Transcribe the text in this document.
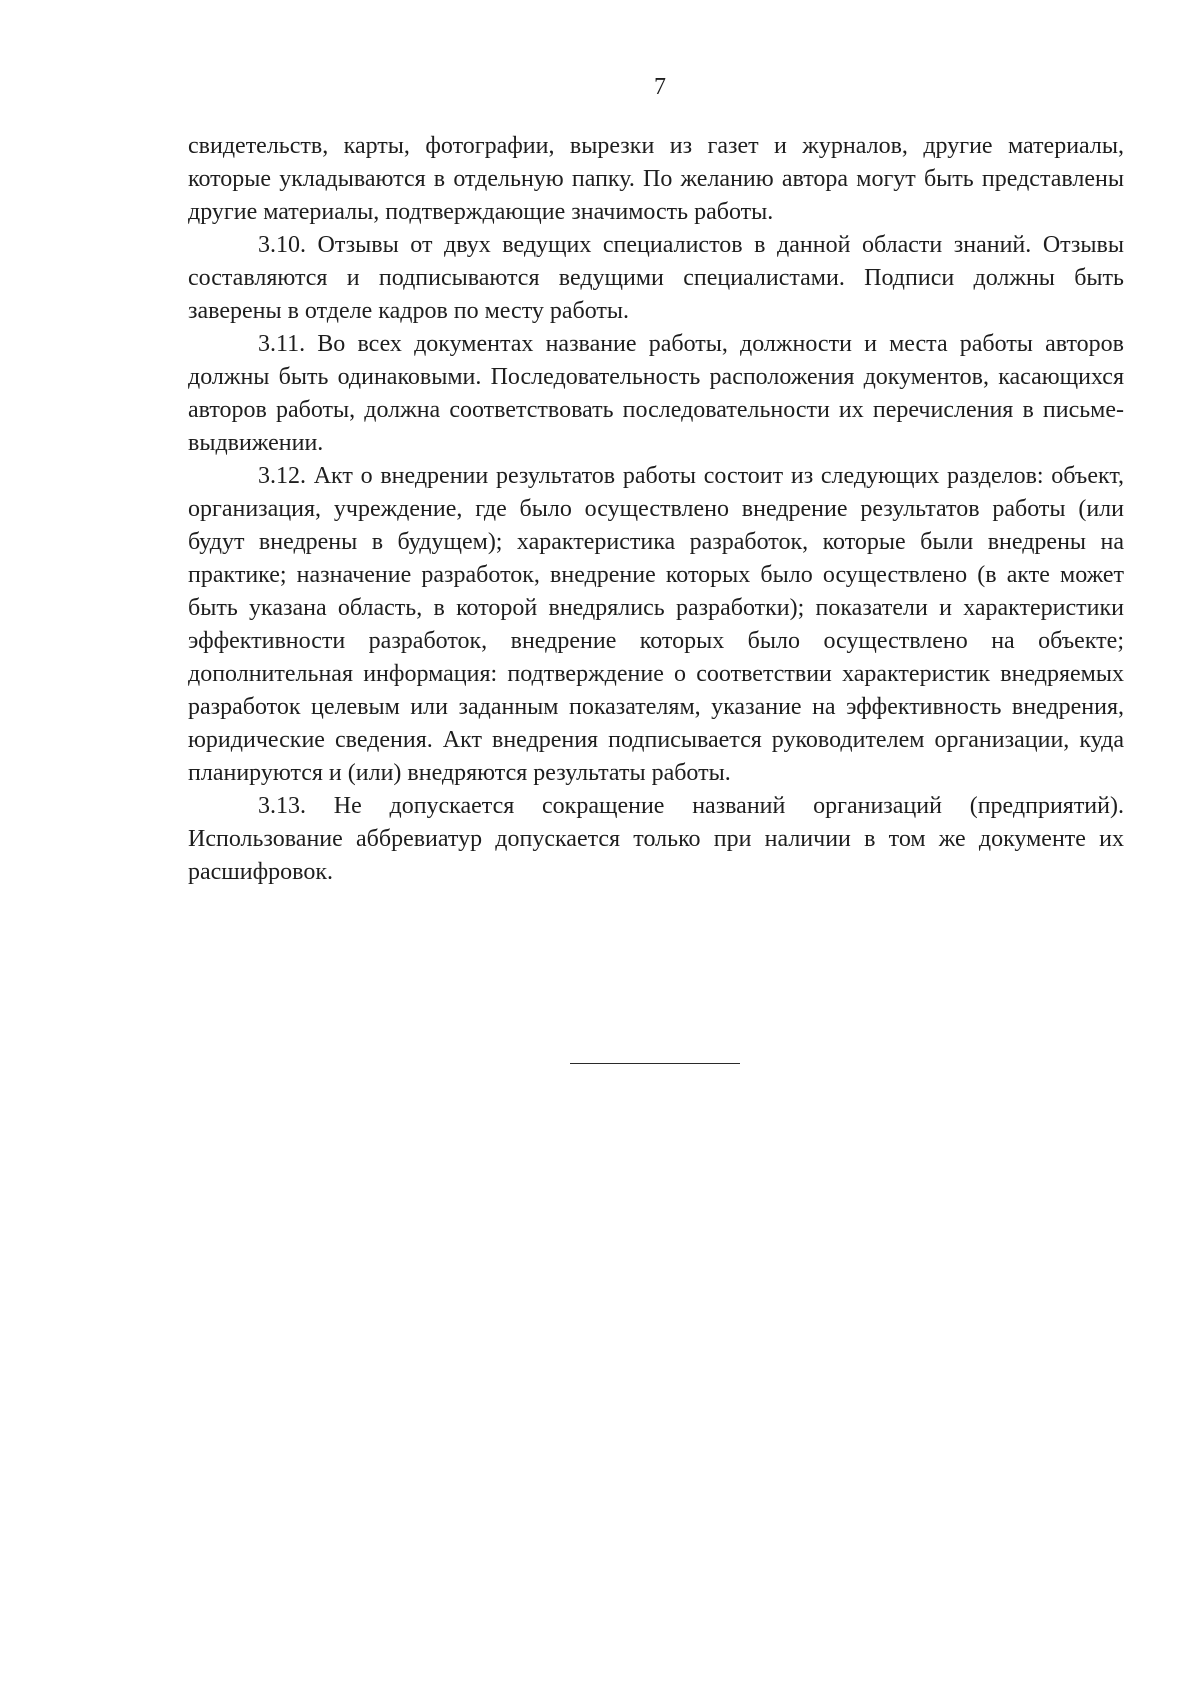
7

свидетельств, карты, фотографии, вырезки из газет и журналов, другие материалы, которые укладываются в отдельную папку. По желанию автора могут быть представлены другие материалы, подтверждающие значимость работы.

3.10. Отзывы от двух ведущих специалистов в данной области знаний. Отзывы составляются и подписываются ведущими специалистами. Подписи должны быть заверены в отделе кадров по месту работы.

3.11. Во всех документах название работы, должности и места работы авторов должны быть одинаковыми. Последовательность расположения документов, касающихся авторов работы, должна соответствовать последовательности их перечисления в письме-выдвижении.

3.12. Акт о внедрении результатов работы состоит из следующих разделов: объект, организация, учреждение, где было осуществлено внедрение результатов работы (или будут внедрены в будущем); характеристика разработок, которые были внедрены на практике; назначение разработок, внедрение которых было осуществлено (в акте может быть указана область, в которой внедрялись разработки); показатели и характеристики эффективности разработок, внедрение которых было осуществлено на объекте; дополнительная информация: подтверждение о соответствии характеристик внедряемых разработок целевым или заданным показателям, указание на эффективность внедрения, юридические сведения. Акт внедрения подписывается руководителем организации, куда планируются и (или) внедряются результаты работы.

3.13. Не допускается сокращение названий организаций (предприятий). Использование аббревиатур допускается только при наличии в том же документе их расшифровок.
